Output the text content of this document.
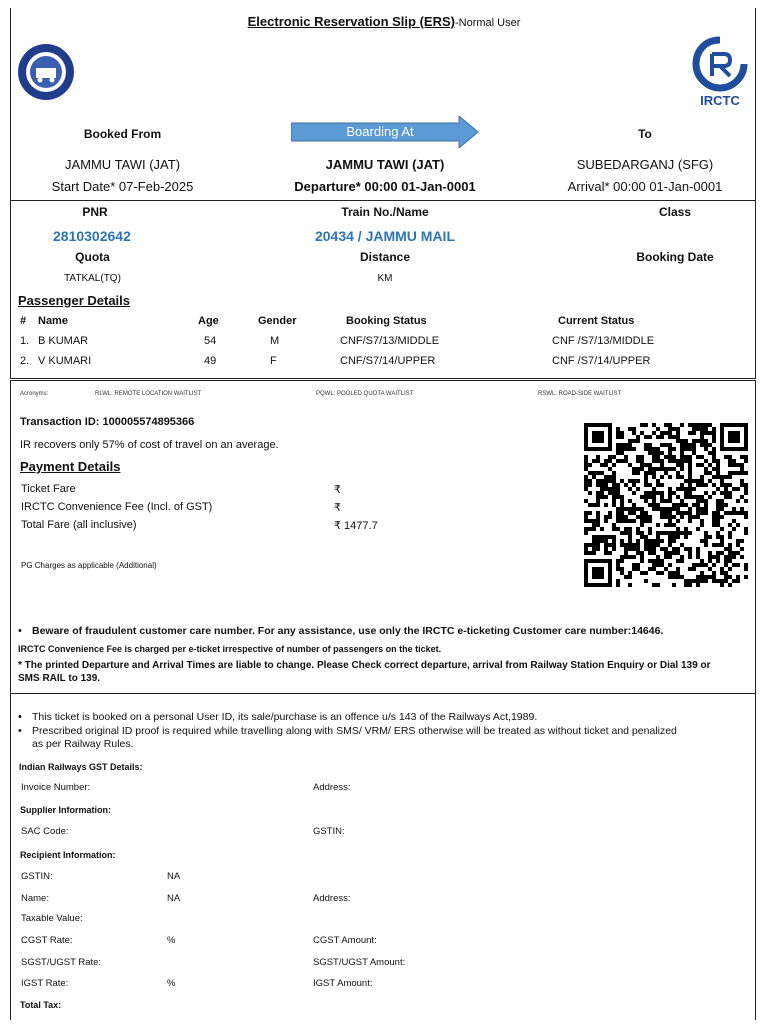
Electronic Reservation Slip (ERS)-Normal User
IRCTC
Booked From	Boarding At	To
JAMMU TAWI (JAT)	JAMMU TAWI (JAT)	SUBEDARGANJ (SFG)
Start Date* 07-Feb-2025	Departure* 00:00 01-Jan-0001	Arrival* 00:00 01-Jan-0001
PNR	Train No./Name	Class
2810302642	20434 / JAMMU MAIL
Quota	Distance	Booking Date
TATKAL(TQ)	KM
Passenger Details
# Name	Age	Gender	Booking Status	Current Status
1. B KUMAR	54	M	CNF/S7/13/MIDDLE	CNF /S7/13/MIDDLE
2. V KUMARI	49	F	CNF/S7/14/UPPER	CNF /S7/14/UPPER
Acronyms:	RLWL: REMOTE LOCATION WAITLIST	PQWL: POOLED QUOTA WAITLIST	RSWL: ROAD-SIDE WAITLIST
Transaction ID: 100005574895366
IR recovers only 57% of cost of travel on an average.
Payment Details
Ticket Fare	₹
IRCTC Convenience Fee (Incl. of GST)	₹
Total Fare (all inclusive)	₹ 1477.7
PG Charges as applicable (Additional)
• Beware of fraudulent customer care number. For any assistance, use only the IRCTC e-ticketing Customer care number:14646.
IRCTC Convenience Fee is charged per e-ticket irrespective of number of passengers on the ticket.
* The printed Departure and Arrival Times are liable to change. Please Check correct departure, arrival from Railway Station Enquiry or Dial 139 or
SMS RAIL to 139.
• This ticket is booked on a personal User ID, its sale/purchase is an offence u/s 143 of the Railways Act,1989.
• Prescribed original ID proof is required while travelling along with SMS/ VRM/ ERS otherwise will be treated as without ticket and penalized
as per Railway Rules.
Indian Railways GST Details:
Invoice Number:	Address:
Supplier Information:
SAC Code:	GSTIN:
Recipient Information:
GSTIN:	NA
Name:	NA	Address:
Taxable Value:
CGST Rate:	%	CGST Amount:
SGST/UGST Rate:	SGST/UGST Amount:
IGST Rate:	%	IGST Amount:
Total Tax:
